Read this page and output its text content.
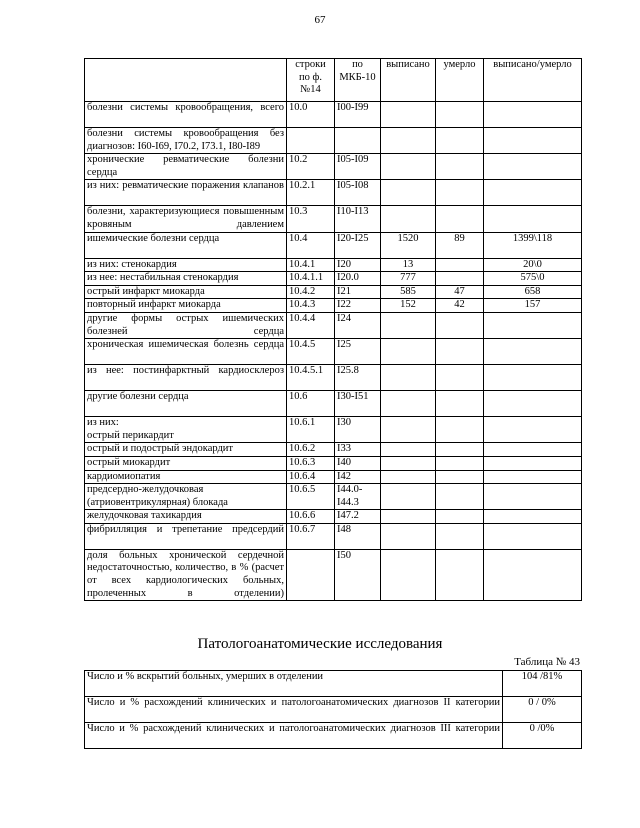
67
	строки по ф.№14	по МКБ-10	выписано	умерло	выписано/умерло
болезни системы кровообращения, всего	10.0	I00-I99			
болезни системы кровообращения без диагнозов: I60-I69, I70.2, I73.1, I80-I89					
хронические ревматические болезни сердца	10.2	I05-I09			
из них: ревматические поражения клапанов	10.2.1	I05-I08			
болезни, характеризующиеся повышенным кровяным давлением	10.3	I10-I13			
ишемические болезни сердца	10.4	I20-I25	1520	89	1399\118
из них: стенокардия	10.4.1	I20	13		20\0
из нее: нестабильная стенокардия	10.4.1.1	I20.0	777		575\0
острый инфаркт миокарда	10.4.2	I21	585	47	658
повторный инфаркт миокарда	10.4.3	I22	152	42	157
другие формы острых ишемических болезней сердца	10.4.4	I24			
хроническая ишемическая болезнь сердца	10.4.5	I25			
из нее: постинфарктный кардиосклероз	10.4.5.1	I25.8			
другие болезни сердца	10.6	I30-I51			
из них:
острый перикардит	10.6.1	I30			
острый и подострый эндокардит	10.6.2	I33			
острый миокардит	10.6.3	I40			
кардиомиопатия	10.6.4	I42			
предсердно-желудочковая (атриовентрикулярная) блокада	10.6.5	I44.0-I44.3			
желудочковая тахикардия	10.6.6	I47.2			
фибрилляция и трепетание предсердий	10.6.7	I48			
доля больных хронической сердечной недостаточностью, количество, в % (расчет от всех кардиологических больных, пролеченных в отделении)		I50			
Патологоанатомические исследования
Таблица № 43
Число и % вскрытий больных, умерших в отделении	104 /81%
Число и % расхождений клинических и патологоанатомических диагнозов II категории	0 / 0%
Число и % расхождений клинических и патологоанатомических диагнозов III категории	0 /0%
